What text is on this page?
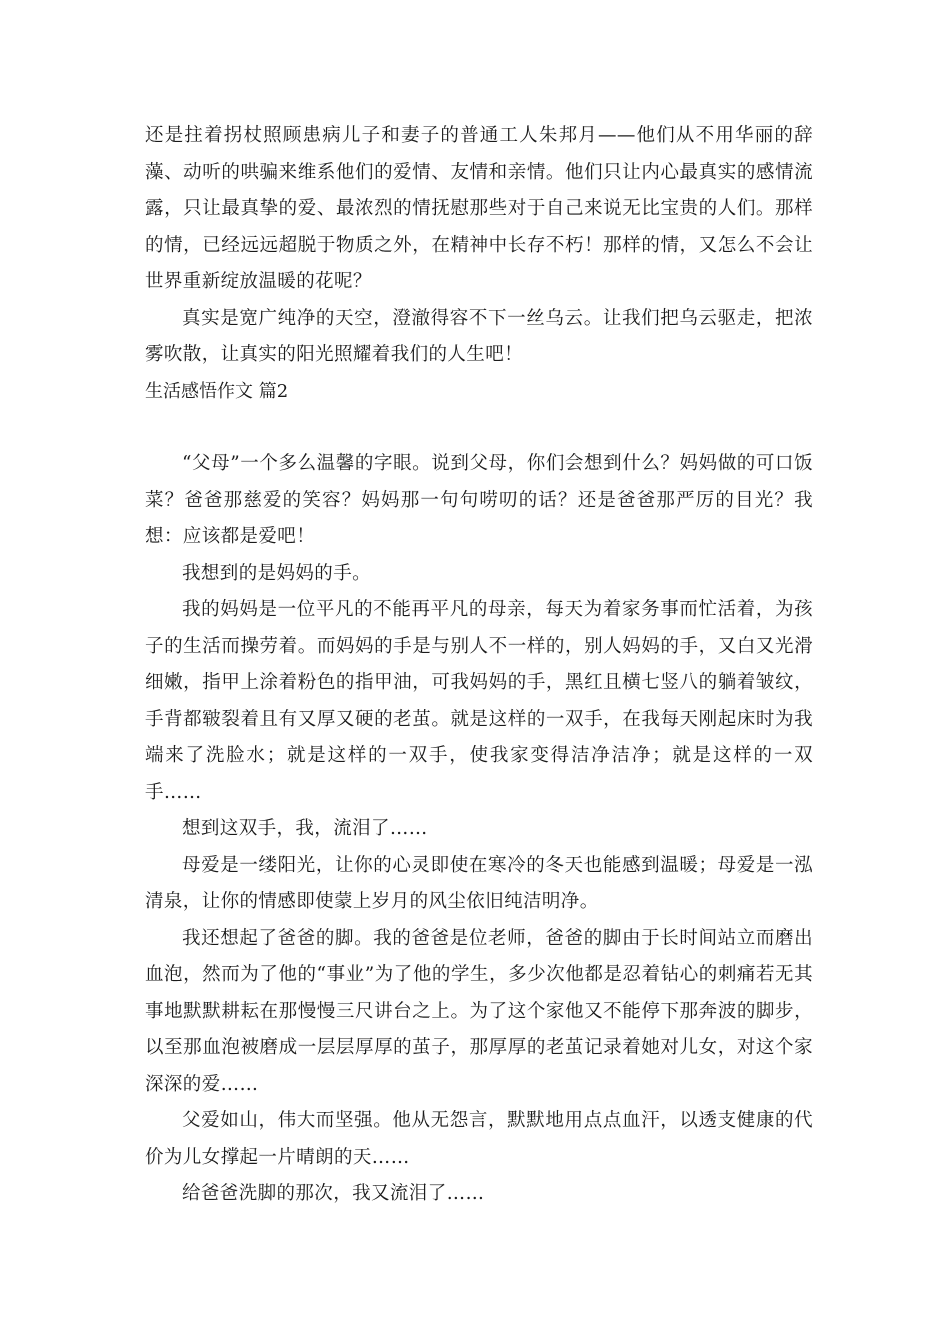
还是拄着拐杖照顾患病儿子和妻子的普通工人朱邦月——他们从不用华丽的辞藻、动听的哄骗来维系他们的爱情、友情和亲情。他们只让内心最真实的感情流露，只让最真挚的爱、最浓烈的情抚慰那些对于自己来说无比宝贵的人们。那样的情，已经远远超脱于物质之外，在精神中长存不朽！那样的情，又怎么不会让世界重新绽放温暖的花呢？

真实是宽广纯净的天空，澄澈得容不下一丝乌云。让我们把乌云驱走，把浓雾吹散，让真实的阳光照耀着我们的人生吧！

生活感悟作文 篇2

“父母”一个多么温馨的字眼。说到父母，你们会想到什么？妈妈做的可口饭菜？爸爸那慈爱的笑容？妈妈那一句句唠叨的话？还是爸爸那严厉的目光？我想：应该都是爱吧！

我想到的是妈妈的手。

我的妈妈是一位平凡的不能再平凡的母亲，每天为着家务事而忙活着，为孩子的生活而操劳着。而妈妈的手是与别人不一样的，别人妈妈的手，又白又光滑细嫩，指甲上涂着粉色的指甲油，可我妈妈的手，黑红且横七竖八的躺着皱纹，手背都皲裂着且有又厚又硬的老茧。就是这样的一双手，在我每天刚起床时为我端来了洗脸水；就是这样的一双手，使我家变得洁净洁净；就是这样的一双手……

想到这双手，我，流泪了……

母爱是一缕阳光，让你的心灵即使在寒冷的冬天也能感到温暖；母爱是一泓清泉，让你的情感即使蒙上岁月的风尘依旧纯洁明净。

我还想起了爸爸的脚。我的爸爸是位老师，爸爸的脚由于长时间站立而磨出血泡，然而为了他的“事业”为了他的学生，多少次他都是忍着钻心的刺痛若无其事地默默耕耘在那慢慢三尺讲台之上。为了这个家他又不能停下那奔波的脚步，以至那血泡被磨成一层层厚厚的茧子，那厚厚的老茧记录着她对儿女，对这个家深深的爱……

父爱如山，伟大而坚强。他从无怨言，默默地用点点血汗，以透支健康的代价为儿女撑起一片晴朗的天……

给爸爸洗脚的那次，我又流泪了……
